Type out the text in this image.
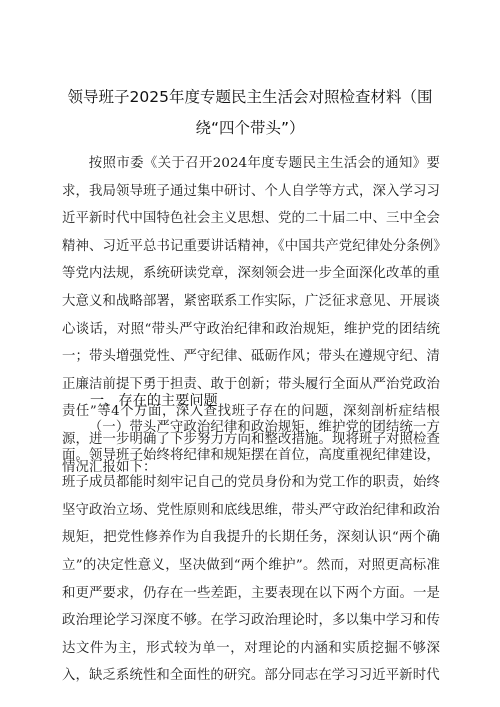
领导班子2025年度专题民主生活会对照检查材料（围绕“四个带头”）

按照市委《关于召开2024年度专题民主生活会的通知》要求，我局领导班子通过集中研讨、个人自学等方式，深入学习习近平新时代中国特色社会主义思想、党的二十届二中、三中全会精神、习近平总书记重要讲话精神，《中国共产党纪律处分条例》等党内法规，系统研读党章，深刻领会进一步全面深化改革的重大意义和战略部署，紧密联系工作实际，广泛征求意见、开展谈心谈话，对照“带头严守政治纪律和政治规矩，维护党的团结统一；带头增强党性、严守纪律、砥砺作风；带头在遵规守纪、清正廉洁前提下勇于担责、敢于创新；带头履行全面从严治党政治责任”等4个方面，深入查找班子存在的问题，深刻剖析症结根源，进一步明确了下步努力方向和整改措施。现将班子对照检查情况汇报如下：

一、存在的主要问题

（一）带头严守政治纪律和政治规矩，维护党的团结统一方面。领导班子始终将纪律和规矩摆在首位，高度重视纪律建设，班子成员都能时刻牢记自己的党员身份和为党工作的职责，始终坚守政治立场、党性原则和底线思维，带头严守政治纪律和政治规矩，把党性修养作为自我提升的长期任务，深刻认识“两个确立”的决定性意义，坚决做到“两个维护”。然而，对照更高标准和更严要求，仍存在一些差距，主要表现在以下两个方面。一是政治理论学习深度不够。在学习政治理论时，多以集中学习和传达文件为主，形式较为单一，对理论的内涵和实质挖掘不够深入，缺乏系统性和全面性的研究。部分同志在学习习近平新时代
